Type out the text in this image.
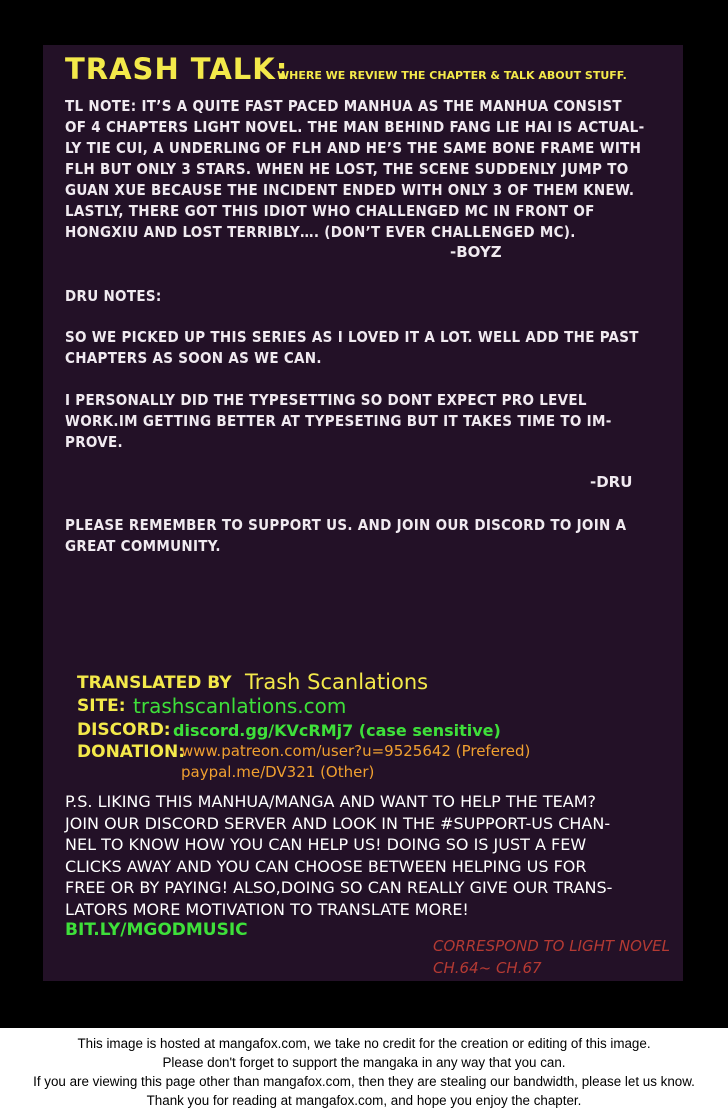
TRASH TALK:
WHERE WE REVIEW THE CHAPTER & TALK ABOUT STUFF.
TL NOTE: IT’S A QUITE FAST PACED MANHUA AS THE MANHUA CONSIST
OF 4 CHAPTERS LIGHT NOVEL. THE MAN BEHIND FANG LIE HAI IS ACTUAL-
LY TIE CUI, A UNDERLING OF FLH AND HE’S THE SAME BONE FRAME WITH
FLH BUT ONLY 3 STARS. WHEN HE LOST, THE SCENE SUDDENLY JUMP TO
GUAN XUE BECAUSE THE INCIDENT ENDED WITH ONLY 3 OF THEM KNEW.
LASTLY, THERE GOT THIS IDIOT WHO CHALLENGED MC IN FRONT OF
HONGXIU AND LOST TERRIBLY…. (DON’T EVER CHALLENGED MC).
-BOYZ
DRU NOTES:
SO WE PICKED UP THIS SERIES AS I LOVED IT A LOT. WELL ADD THE PAST
CHAPTERS AS SOON AS WE CAN.
I PERSONALLY DID THE TYPESETTING SO DONT EXPECT PRO LEVEL
WORK.IM GETTING BETTER AT TYPESETING BUT IT TAKES TIME TO IM-
PROVE.
-DRU
PLEASE REMEMBER TO SUPPORT US. AND JOIN OUR DISCORD TO JOIN A
GREAT COMMUNITY.
TRANSLATED BY Trash Scanlations
SITE: trashscanlations.com
DISCORD: discord.gg/KVcRMj7 (case sensitive)
DONATION:
www.patreon.com/user?u=9525642 (Prefered)
paypal.me/DV321 (Other)
P.S. LIKING THIS MANHUA/MANGA AND WANT TO HELP THE TEAM?
JOIN OUR DISCORD SERVER AND LOOK IN THE #SUPPORT-US CHAN-
NEL TO KNOW HOW YOU CAN HELP US! DOING SO IS JUST A FEW
CLICKS AWAY AND YOU CAN CHOOSE BETWEEN HELPING US FOR
FREE OR BY PAYING! ALSO,DOING SO CAN REALLY GIVE OUR TRANS-
LATORS MORE MOTIVATION TO TRANSLATE MORE!
BIT.LY/MGODMUSIC
CORRESPOND TO LIGHT NOVEL
CH.64~ CH.67
This image is hosted at mangafox.com, we take no credit for the creation or editing of this image.
Please don't forget to support the mangaka in any way that you can.
If you are viewing this page other than mangafox.com, then they are stealing our bandwidth, please let us know.
Thank you for reading at mangafox.com, and hope you enjoy the chapter.
